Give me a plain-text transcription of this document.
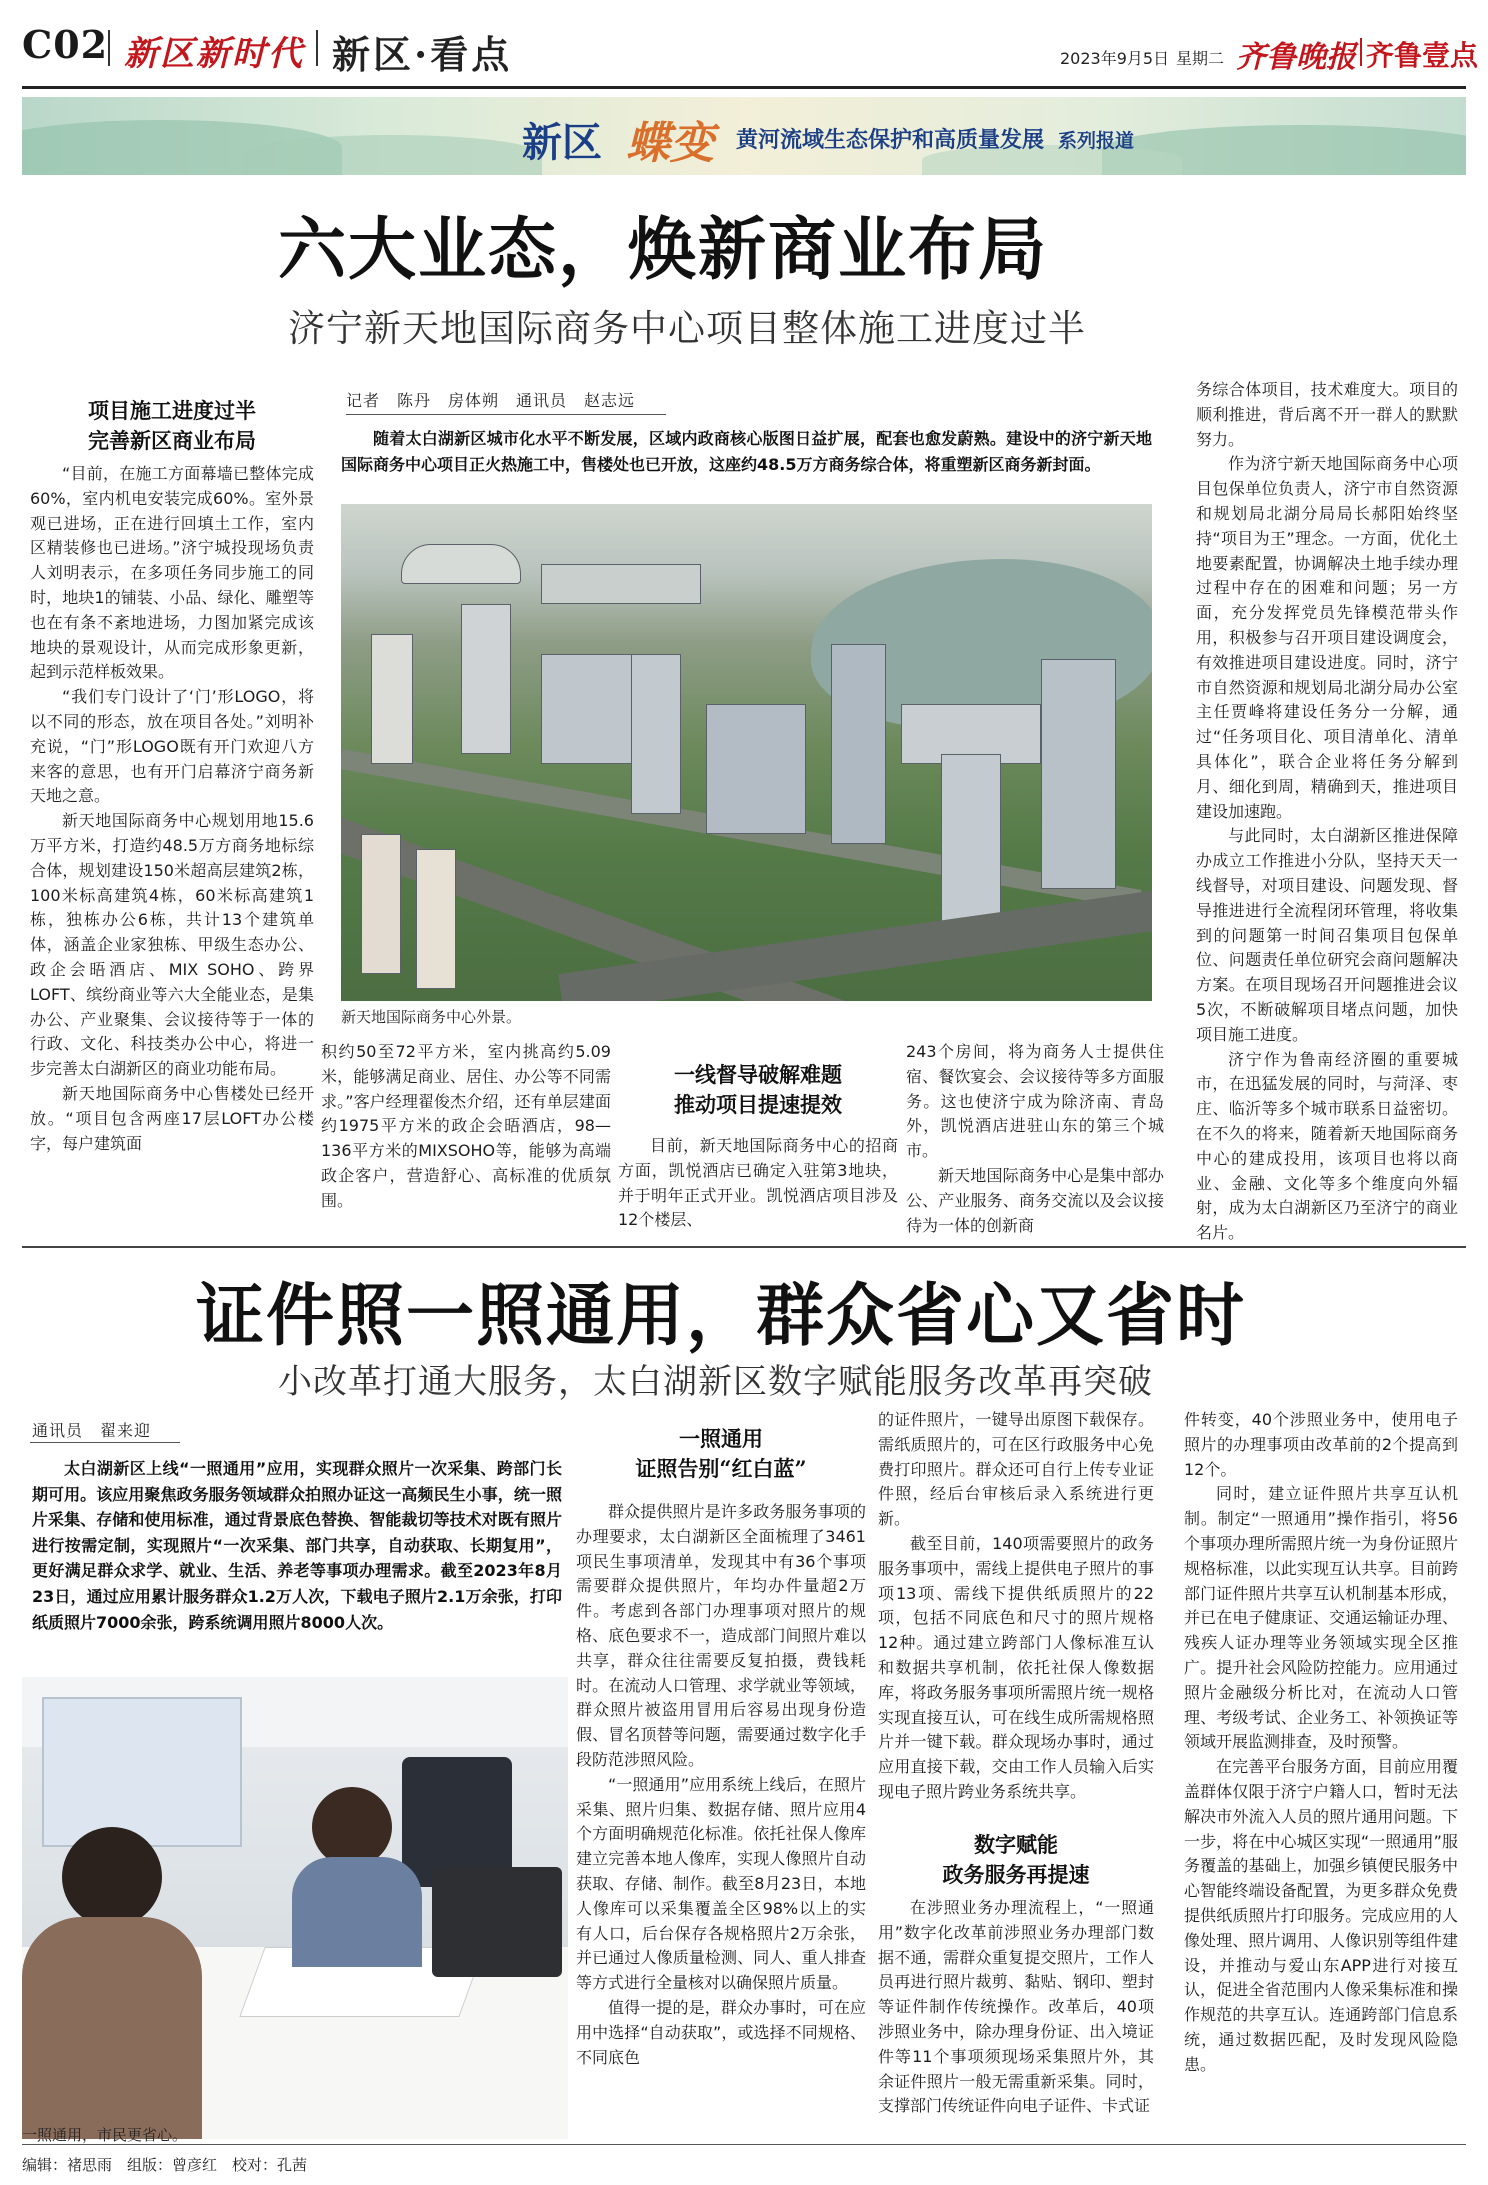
C02 新区新时代 新区·看点	2023年9月5日 星期二 齐鲁晚报 齐鲁壹点
新区 蝶变 黄河流域生态保护和高质量发展 系列报道
六大业态，焕新商业布局
济宁新天地国际商务中心项目整体施工进度过半
项目施工进度过半
完善新区商业布局

“目前，在施工方面幕墙已整体完成60%，室内机电安装完成60%。室外景观已进场，正在进行回填土工作，室内区精装修也已进场。”济宁城投现场负责人刘明表示，在多项任务同步施工的同时，地块1的铺装、小品、绿化、雕塑等也在有条不紊地进场，力图加紧完成该地块的景观设计，从而完成形象更新，起到示范样板效果。

“我们专门设计了‘门’形LOGO，将以不同的形态，放在项目各处。”刘明补充说，“门”形LOGO既有开门欢迎八方来客的意思，也有开门启幕济宁商务新天地之意。

新天地国际商务中心规划用地15.6万平方米，打造约48.5万方商务地标综合体，规划建设150米超高层建筑2栋，100米标高建筑4栋，60米标高建筑1栋，独栋办公6栋，共计13个建筑单体，涵盖企业家独栋、甲级生态办公、政企会晤酒店、MIX SOHO、跨界LOFT、缤纷商业等六大全能业态，是集办公、产业聚集、会议接待等于一体的行政、文化、科技类办公中心，将进一步完善太白湖新区的商业功能布局。

新天地国际商务中心售楼处已经开放。“项目包含两座17层LOFT办公楼字，每户建筑面

记者　陈丹　房体朔　通讯员　赵志远
随着太白湖新区城市化水平不断发展，区域内政商核心版图日益扩展，配套也愈发蔚熟。建设中的济宁新天地国际商务中心项目正火热施工中，售楼处也已开放，这座约48.5万方商务综合体，将重塑新区商务新封面。
新天地国际商务中心外景。

积约50至72平方米，室内挑高约5.09米，能够满足商业、居住、办公等不同需求。”客户经理翟俊杰介绍，还有单层建面约1975平方米的政企会晤酒店，98—136平方米的MIXSOHO等，能够为高端政企客户，营造舒心、高标准的优质氛围。

一线督导破解难题
推动项目提速提效

目前，新天地国际商务中心的招商方面，凯悦酒店已确定入驻第3地块，并于明年正式开业。凯悦酒店项目涉及12个楼层、

243个房间，将为商务人士提供住宿、餐饮宴会、会议接待等多方面服务。这也使济宁成为除济南、青岛外，凯悦酒店进驻山东的第三个城市。

新天地国际商务中心是集中部办公、产业服务、商务交流以及会议接待为一体的创新商

务综合体项目，技术难度大。项目的顺利推进，背后离不开一群人的默默努力。

作为济宁新天地国际商务中心项目包保单位负责人，济宁市自然资源和规划局北湖分局局长郝阳始终坚持“项目为王”理念。一方面，优化土地要素配置，协调解决土地手续办理过程中存在的困难和问题；另一方面，充分发挥党员先锋模范带头作用，积极参与召开项目建设调度会，有效推进项目建设进度。同时，济宁市自然资源和规划局北湖分局办公室主任贾峰将建设任务分一分解，通过“任务项目化、项目清单化、清单具体化”，联合企业将任务分解到月、细化到周，精确到天，推进项目建设加速跑。

与此同时，太白湖新区推进保障办成立工作推进小分队，坚持天天一线督导，对项目建设、问题发现、督导推进进行全流程闭环管理，将收集到的问题第一时间召集项目包保单位、问题责任单位研究会商问题解决方案。在项目现场召开问题推进会议5次，不断破解项目堵点问题，加快项目施工进度。

济宁作为鲁南经济圈的重要城市，在迅猛发展的同时，与菏泽、枣庄、临沂等多个城市联系日益密切。在不久的将来，随着新天地国际商务中心的建成投用，该项目也将以商业、金融、文化等多个维度向外辐射，成为太白湖新区乃至济宁的商业名片。

证件照一照通用，群众省心又省时
小改革打通大服务，太白湖新区数字赋能服务改革再突破
通讯员　翟来迎
太白湖新区上线“一照通用”应用，实现群众照片一次采集、跨部门长期可用。该应用聚焦政务服务领域群众拍照办证这一高频民生小事，统一照片采集、存储和使用标准，通过背景底色替换、智能裁切等技术对既有照片进行按需定制，实现照片“一次采集、部门共享，自动获取、长期复用”，更好满足群众求学、就业、生活、养老等事项办理需求。截至2023年8月23日，通过应用累计服务群众1.2万人次，下载电子照片2.1万余张，打印纸质照片7000余张，跨系统调用照片8000人次。
一照通用，市民更省心。
一照通用
证照告别“红白蓝”

群众提供照片是许多政务服务事项的办理要求，太白湖新区全面梳理了3461项民生事项清单，发现其中有36个事项需要群众提供照片，年均办件量超2万件。考虑到各部门办理事项对照片的规格、底色要求不一，造成部门间照片难以共享，群众往往需要反复拍摄，费钱耗时。在流动人口管理、求学就业等领域，群众照片被盗用冒用后容易出现身份造假、冒名顶替等问题，需要通过数字化手段防范涉照风险。

“一照通用”应用系统上线后，在照片采集、照片归集、数据存储、照片应用4个方面明确规范化标准。依托社保人像库建立完善本地人像库，实现人像照片自动获取、存储、制作。截至8月23日，本地人像库可以采集覆盖全区98%以上的实有人口，后台保存各规格照片2万余张，并已通过人像质量检测、同人、重人排查等方式进行全量核对以确保照片质量。

值得一提的是，群众办事时，可在应用中选择“自动获取”，或选择不同规格、不同底色

的证件照片，一键导出原图下载保存。需纸质照片的，可在区行政服务中心免费打印照片。群众还可自行上传专业证件照，经后台审核后录入系统进行更新。

截至目前，140项需要照片的政务服务事项中，需线上提供电子照片的事项13项、需线下提供纸质照片的22项，包括不同底色和尺寸的照片规格12种。通过建立跨部门人像标准互认和数据共享机制，依托社保人像数据库，将政务服务事项所需照片统一规格实现直接互认，可在线生成所需规格照片并一键下载。群众现场办事时，通过应用直接下载，交由工作人员输入后实现电子照片跨业务系统共享。

数字赋能
政务服务再提速

在涉照业务办理流程上，“一照通用”数字化改革前涉照业务办理部门数据不通，需群众重复提交照片，工作人员再进行照片裁剪、黏贴、钢印、塑封等证件制作传统操作。改革后，40项涉照业务中，除办理身份证、出入境证件等11个事项须现场采集照片外，其余证件照片一般无需重新采集。同时，支撑部门传统证件向电子证件、卡式证

件转变，40个涉照业务中，使用电子照片的办理事项由改革前的2个提高到12个。

同时，建立证件照片共享互认机制。制定“一照通用”操作指引，将56个事项办理所需照片统一为身份证照片规格标准，以此实现互认共享。目前跨部门证件照片共享互认机制基本形成，并已在电子健康证、交通运输证办理、残疾人证办理等业务领域实现全区推广。提升社会风险防控能力。应用通过照片金融级分析比对，在流动人口管理、考级考试、企业务工、补领换证等领域开展监测排查，及时预警。

在完善平台服务方面，目前应用覆盖群体仅限于济宁户籍人口，暂时无法解决市外流入人员的照片通用问题。下一步，将在中心城区实现“一照通用”服务覆盖的基础上，加强乡镇便民服务中心智能终端设备配置，为更多群众免费提供纸质照片打印服务。完成应用的人像处理、照片调用、人像识别等组件建设，并推动与爱山东APP进行对接互认，促进全省范围内人像采集标准和操作规范的共享互认。连通跨部门信息系统，通过数据匹配，及时发现风险隐患。

编辑：褚思雨　组版：曾彦红　校对：孔茜
